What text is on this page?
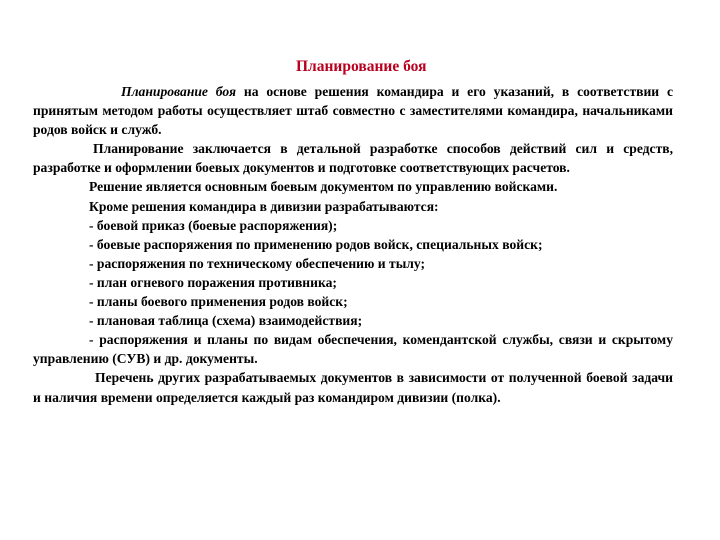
Планирование боя

Планирование боя на основе решения командира и его указаний, в соответствии с принятым методом работы осуществляет штаб совместно с заместителями командира, начальниками родов войск и служб.

Планирование заключается в детальной разработке способов действий сил и средств, разработке и оформлении боевых документов и подготовке соответствующих расчетов.

Решение является основным боевым документом по управлению войсками.

Кроме решения командира в дивизии разрабатываются:

- боевой приказ (боевые распоряжения);

- боевые распоряжения по применению родов войск, специальных войск;

- распоряжения по техническому обеспечению и тылу;

- план огневого поражения противника;

- планы боевого применения родов войск;

- плановая таблица (схема) взаимодействия;

- распоряжения и планы по видам обеспечения, комендантской службы, связи и скрытому управлению (СУВ) и др. документы.

Перечень других разрабатываемых документов в зависимости от полученной боевой задачи и наличия времени определяется каждый раз командиром дивизии (полка).
